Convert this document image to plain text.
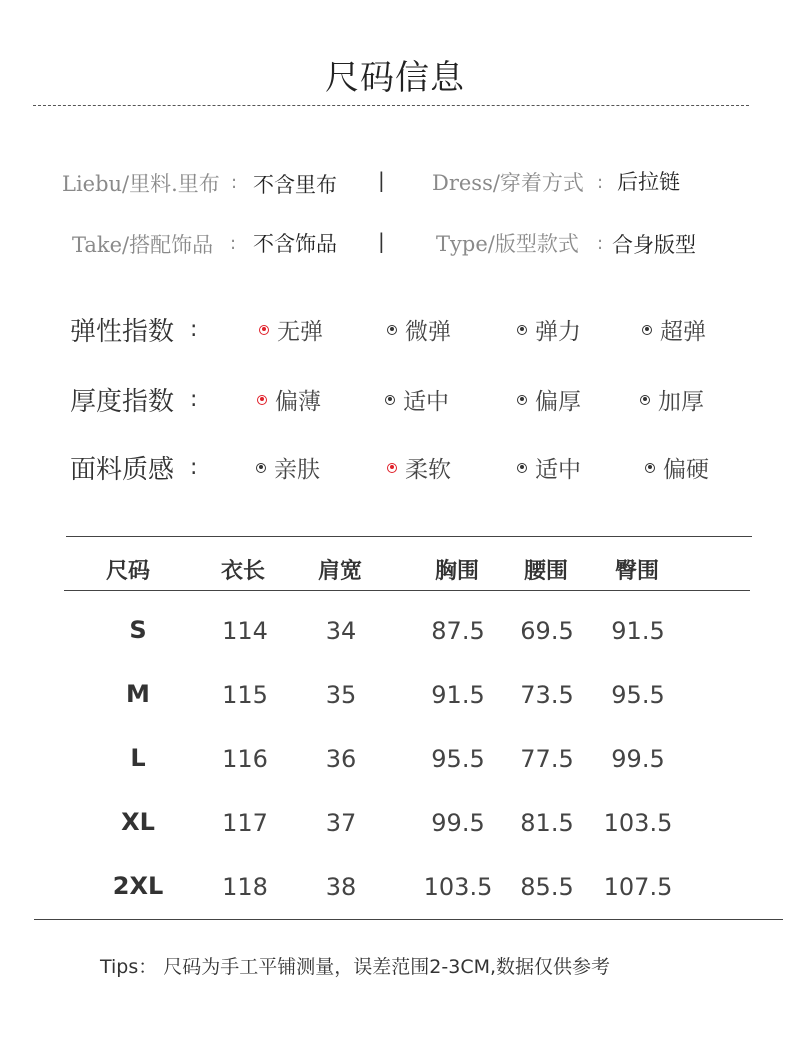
尺码信息
Liebu/里料.里布 : 不含里布 | Dress/穿着方式 : 后拉链
Take/搭配饰品 : 不含饰品 | Type/版型款式 : 合身版型
弹性指数 :	无弹	微弹	弹力	超弹
厚度指数 :	偏薄	适中	偏厚	加厚
面料质感 :	亲肤	柔软	适中	偏硬
尺码	衣长 肩宽	胸围 腰围 臀围
S	114	34	87.5	69.5	91.5
M	115	35	91.5	73.5	95.5
L	116	36	95.5	77.5	99.5
XL	117	37	99.5	81.5	103.5
2XL	118	38	103.5	85.5	107.5
Tips： 尺码为手工平铺测量，误差范围2-3CM,数据仅供参考
